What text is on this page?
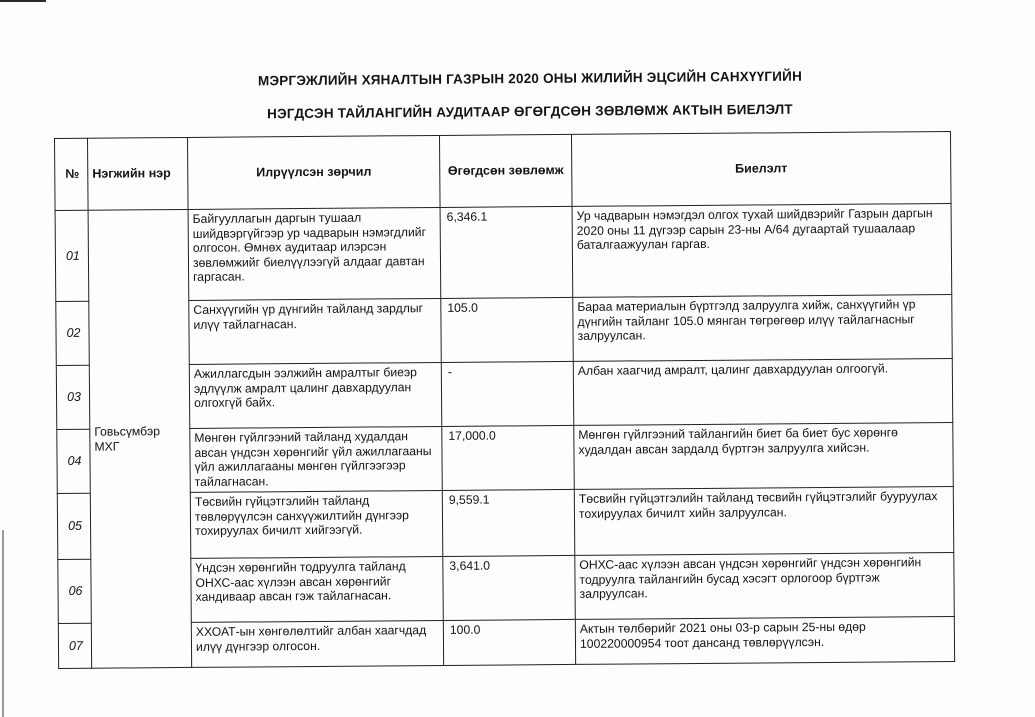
МЭРГЭЖЛИЙН ХЯНАЛТЫН ГАЗРЫН 2020 ОНЫ ЖИЛИЙН ЭЦСИЙН САНХҮҮГИЙН
НЭГДСЭН ТАЙЛАНГИЙН АУДИТААР ӨГӨГДСӨН ЗӨВЛӨМЖ АКТЫН БИЕЛЭЛТ
№	Нэгжийн нэр	Илрүүлсэн зөрчил	Өгөгдсөн зөвлөмж	Биелэлт
01	Говьсүмбэр МХГ	Байгууллагын даргын тушаал шийдвэргүйгээр ур чадварын нэмэгдлийг олгосон. Өмнөх аудитаар илэрсэн зөвлөмжийг биелүүлээгүй алдааг давтан гаргасан.	6,346.1	Ур чадварын нэмэгдэл олгох тухай шийдвэрийг Газрын даргын 2020 оны 11 дүгээр сарын 23-ны А/64 дугаартай тушаалаар баталгаажуулан гаргав.
02		Санхүүгийн үр дүнгийн тайланд зардлыг илүү тайлагнасан.	105.0	Бараа материалын бүртгэлд залруулга хийж, санхүүгийн үр дүнгийн тайланг 105.0 мянган төгрөгөөр илүү тайлагнасныг залруулсан.
03		Ажиллагсдын ээлжийн амралтыг биеэр эдлүүлж амралт цалинг давхардуулан олгохгүй байх.	-	Албан хаагчид амралт, цалинг давхардуулан олгоогүй.
04		Мөнгөн гүйлгээний тайланд худалдан авсан үндсэн хөрөнгийг үйл ажиллагааны үйл ажиллагааны мөнгөн гүйлгээгээр тайлагнасан.	17,000.0	Мөнгөн гүйлгээний тайлангийн биет ба биет бус хөрөнгө худалдан авсан зардалд бүртгэн залруулга хийсэн.
05		Төсвийн гүйцэтгэлийн тайланд төвлөрүүлсэн санхүүжилтийн дүнгээр тохируулах бичилт хийгээгүй.	9,559.1	Төсвийн гүйцэтгэлийн тайланд төсвийн гүйцэтгэлийг бууруулах тохируулах бичилт хийн залруулсан.
06		Үндсэн хөрөнгийн тодруулга тайланд ОНХС-аас хүлээн авсан хөрөнгийг хандиваар авсан гэж тайлагнасан.	3,641.0	ОНХС-аас хүлээн авсан үндсэн хөрөнгийг үндсэн хөрөнгийн тодруулга тайлангийн бусад хэсэгт орлогоор бүртгэж залруулсан.
07		ХХОАТ-ын хөнгөлөлтийг албан хаагчдад илүү дүнгээр олгосон.	100.0	Актын төлбөрийг 2021 оны 03-р сарын 25-ны өдөр 100220000954 тоот дансанд төвлөрүүлсэн.
